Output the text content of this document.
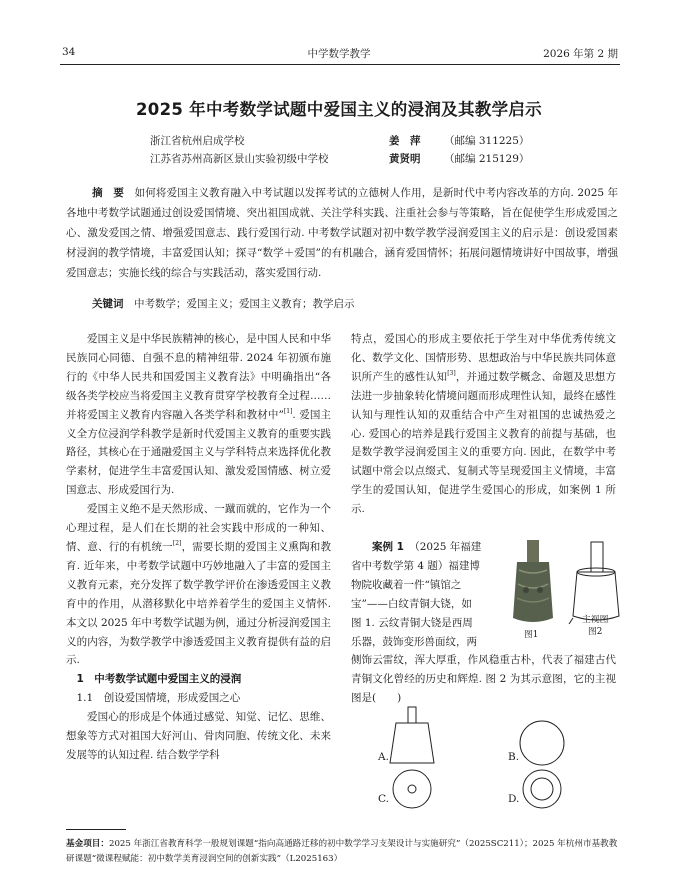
34	中学数学教学	2026 年第 2 期
2025 年中考数学试题中爱国主义的浸润及其教学启示
浙江省杭州启成学校	姜　萍 （邮编 311225）
江苏省苏州高新区景山实验初级中学校	黄贤明 （邮编 215129）
摘　要　 如何将爱国主义教育融入中考试题以发挥考试的立德树人作用，是新时代中考内容改革的方向. 2025 年各地中考数学试题通过创设爱国情境、突出祖国成就、关注学科实践、注重社会参与等策略，旨在促使学生形成爱国之心、激发爱国之情、增强爱国意志、践行爱国行动. 中考数学试题对初中数学教学浸润爱国主义的启示是：创设爱国素材浸润的教学情境，丰富爱国认知；探寻“数学＋爱国”的有机融合，涵育爱国情怀；拓展问题情境讲好中国故事，增强爱国意志；实施长线的综合与实践活动，落实爱国行动.
关键词　 中考数学；爱国主义；爱国主义教育；教学启示

爱国主义是中华民族精神的核心，是中国人民和中华民族同心同德、自强不息的精神纽带. 2024 年初颁布施行的《中华人民共和国爱国主义教育法》中明确指出“各级各类学校应当将爱国主义教育贯穿学校教育全过程……并将爱国主义教育内容融入各类学科和教材中”[1]. 爱国主义全方位浸润学科教学是新时代爱国主义教育的重要实践路径，其核心在于通融爱国主义与学科特点来选择优化教学素材，促进学生丰富爱国认知、激发爱国情感、树立爱国意志、形成爱国行为.

爱国主义绝不是天然形成、一蹴而就的，它作为一个心理过程，是人们在长期的社会实践中形成的一种知、情、意、行的有机统一[2]，需要长期的爱国主义熏陶和教育. 近年来，中考数学试题中巧妙地融入了丰富的爱国主义教育元素，充分发挥了数学教学评价在渗透爱国主义教育中的作用，从潜移默化中培养着学生的爱国主义情怀. 本文以 2025 年中考数学试题为例，通过分析浸润爱国主义的内容，为数学教学中渗透爱国主义教育提供有益的启示.

1　中考数学试题中爱国主义的浸润

1.1　创设爱国情境，形成爱国之心

爱国心的形成是个体通过感觉、知觉、记忆、思维、想象等方式对祖国大好河山、骨肉同胞、传统文化、未来发展等的认知过程. 结合数学学科

特点，爱国心的形成主要依托于学生对中华优秀传统文化、数学文化、国情形势、思想政治与中华民族共同体意识所产生的感性认知[3]，并通过数学概念、命题及思想方法进一步抽象转化情境问题而形成理性认知，最终在感性认知与理性认知的双重结合中产生对祖国的忠诚热爱之心. 爱国心的培养是践行爱国主义教育的前提与基础，也是数学教学浸润爱国主义的重要方向. 因此，在数学中考试题中常会以点缀式、复制式等呈现爱国主义情境，丰富学生的爱国认知，促进学生爱国心的形成，如案例 1 所示.

案例 1　 （2025 年福建
省中考数学第 4 题）福建博
物院收藏着一件“镇馆之
宝”——白纹青铜大铙，如
图 1. 云纹青铜大铙是西周
乐器，鼓饰变形兽面纹，两
侧饰云雷纹，浑大厚重，作风稳重古朴，代表了福建古代青铜文化曾经的历史和辉煌. 图 2 为其示意图，它的主视图是(　　)
图1
主视图
图2
A.	B.
C.	D.
基金项目：2025 年浙江省教育科学一般规划课题“指向高通路迁移的初中数学学习支架设计与实施研究”（2025SC211）；2025 年杭州市基教教研课题“微课程赋能：初中数学美育浸润空间的创新实践”（L2025163）
